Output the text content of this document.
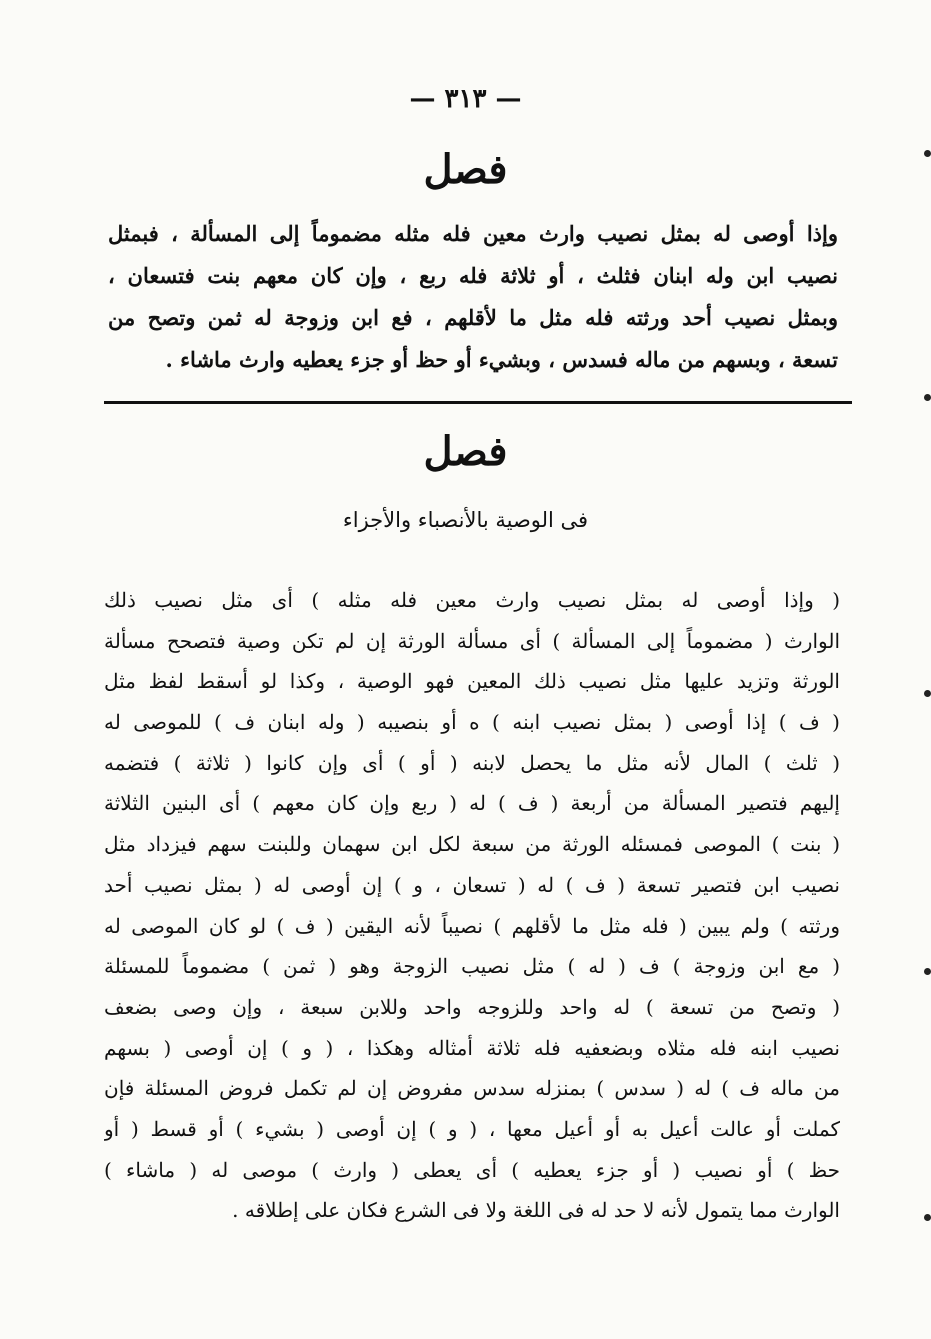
— ٣١٣ —
فصل
وإذا أوصى له بمثل نصيب وارث معين فله مثله مضموماً إلى المسألة ، فبمثل
نصيب ابن وله ابنان فثلث ، أو ثلاثة فله ربع ، وإن كان معهم بنت فتسعان ،
وبمثل نصيب أحد ورثته فله مثل ما لأقلهم ، فع ابن وزوجة له ثمن وتصح من
تسعة ، وبسهم من ماله فسدس ، وبشيء أو حظ أو جزء يعطيه وارث ماشاء .
فصل
فى الوصية بالأنصباء والأجزاء
( وإذا أوصى له بمثل نصيب وارث معين فله مثله ) أى مثل نصيب ذلك
الوارث ( مضموماً إلى المسألة ) أى مسألة الورثة إن لم تكن وصية فتصحح مسألة
الورثة وتزيد عليها مثل نصيب ذلك المعين فهو الوصية ، وكذا لو أسقط لفظ مثل
( ف ) إذا أوصى ( بمثل نصيب ابنه ) ه أو بنصيبه ( وله ابنان ف ) للموصى له
( ثلث ) المال لأنه مثل ما يحصل لابنه ( أو ) أى وإن كانوا ( ثلاثة ) فتضمه
إليهم فتصير المسألة من أربعة ( ف ) له ( ربع وإن كان معهم ) أى البنين الثلاثة
( بنت ) الموصى فمسئله الورثة من سبعة لكل ابن سهمان وللبنت سهم فيزداد مثل
نصيب ابن فتصير تسعة ( ف ) له ( تسعان ، و ) إن أوصى له ( بمثل نصيب أحد
ورثته ) ولم يبين ( فله مثل ما لأقلهم ) نصيباً لأنه اليقين ( ف ) لو كان الموصى له
( مع ابن وزوجة ) ف ( له ) مثل نصيب الزوجة وهو ( ثمن ) مضموماً للمسئلة
( وتصح من تسعة ) له واحد وللزوجه واحد وللابن سبعة ، وإن وصى بضعف
نصيب ابنه فله مثلاه وبضعفيه فله ثلاثة أمثاله وهكذا ، ( و ) إن أوصى ( بسهم
من ماله ف ) له ( سدس ) بمنزله سدس مفروض إن لم تكمل فروض المسئلة فإن
كملت أو عالت أعيل به أو أعيل معها ، ( و ) إن أوصى ( بشيء ) أو قسط ( أو
حظ ) أو نصيب ( أو جزء يعطيه ) أى يعطى ( وارث ) موصى له ( ماشاء )
الوارث مما يتمول لأنه لا حد له فى اللغة ولا فى الشرع فكان على إطلاقه .
